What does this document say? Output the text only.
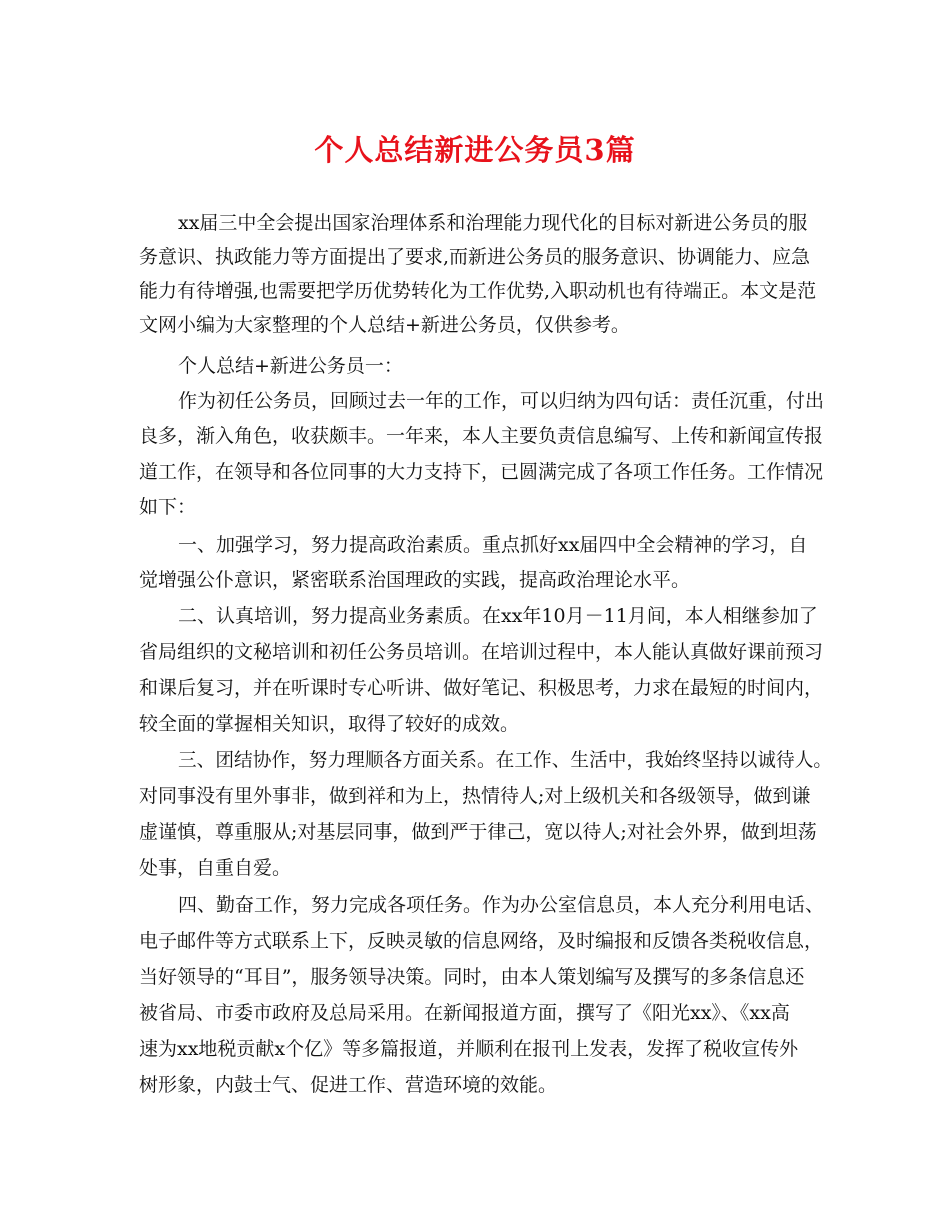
个人总结新进公务员3篇

xx届三中全会提出国家治理体系和治理能力现代化的目标对新进公务员的服

务意识、执政能力等方面提出了要求,而新进公务员的服务意识、协调能力、应急

能力有待增强,也需要把学历优势转化为工作优势,入职动机也有待端正。本文是范

文网小编为大家整理的个人总结+新进公务员，仅供参考。

个人总结+新进公务员一：

作为初任公务员，回顾过去一年的工作，可以归纳为四句话：责任沉重，付出

良多，渐入角色，收获颇丰。一年来，本人主要负责信息编写、上传和新闻宣传报

道工作，在领导和各位同事的大力支持下，已圆满完成了各项工作任务。工作情况

如下：

一、加强学习，努力提高政治素质。重点抓好xx届四中全会精神的学习，自

觉增强公仆意识，紧密联系治国理政的实践，提高政治理论水平。

二、认真培训，努力提高业务素质。在xx年10月－11月间，本人相继参加了

省局组织的文秘培训和初任公务员培训。在培训过程中，本人能认真做好课前预习

和课后复习，并在听课时专心听讲、做好笔记、积极思考，力求在最短的时间内，

较全面的掌握相关知识，取得了较好的成效。

三、团结协作，努力理顺各方面关系。在工作、生活中，我始终坚持以诚待人。

对同事没有里外事非，做到祥和为上，热情待人;对上级机关和各级领导，做到谦

虚谨慎，尊重服从;对基层同事，做到严于律己，宽以待人;对社会外界，做到坦荡

处事，自重自爱。

四、勤奋工作，努力完成各项任务。作为办公室信息员，本人充分利用电话、

电子邮件等方式联系上下，反映灵敏的信息网络，及时编报和反馈各类税收信息，

当好领导的“耳目”，服务领导决策。同时，由本人策划编写及撰写的多条信息还

被省局、市委市政府及总局采用。在新闻报道方面，撰写了《阳光xx》、《xx高

速为xx地税贡献x个亿》等多篇报道，并顺利在报刊上发表，发挥了税收宣传外

树形象，内鼓士气、促进工作、营造环境的效能。
